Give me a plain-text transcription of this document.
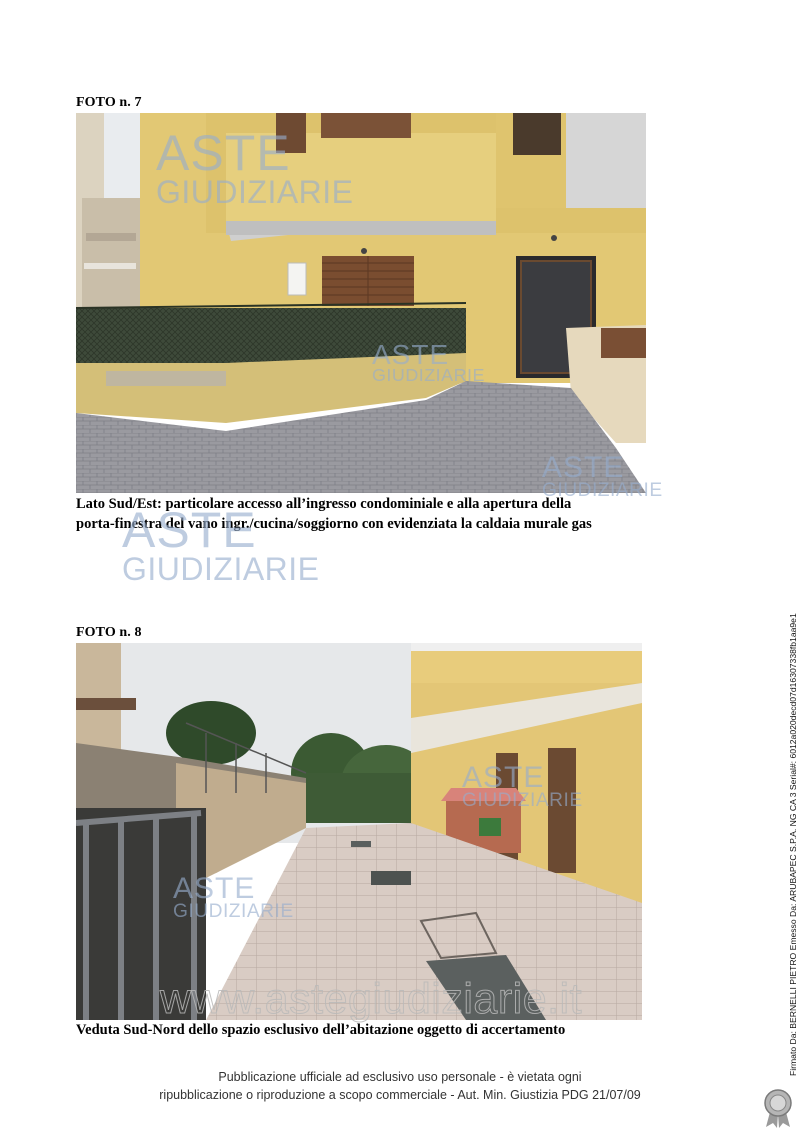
FOTO n. 7
ASTE
GIUDIZIARIE
ASTE
GIUDIZIARIE
ASTE
GIUDIZIARIE
Lato Sud/Est: particolare accesso all’ingresso condominiale e alla apertura della
porta-finestra del vano ingr./cucina/soggiorno con evidenziata la caldaia murale gas
ASTE
GIUDIZIARIE
FOTO n. 8
ASTE
GIUDIZIARIE
ASTE
GIUDIZIARIE
www.astegiudiziarie.it
Veduta Sud-Nord dello spazio esclusivo dell’abitazione oggetto di accertamento
Pubblicazione ufficiale ad esclusivo uso personale - è vietata ogni
ripubblicazione o riproduzione a scopo commerciale - Aut. Min. Giustizia PDG 21/07/09
Firmato Da: BERNELLI PIETRO Emesso Da: ARUBAPEC S.P.A. NG CA 3 Serial#: 6012a020decd07d16307338fb1aa9e1
